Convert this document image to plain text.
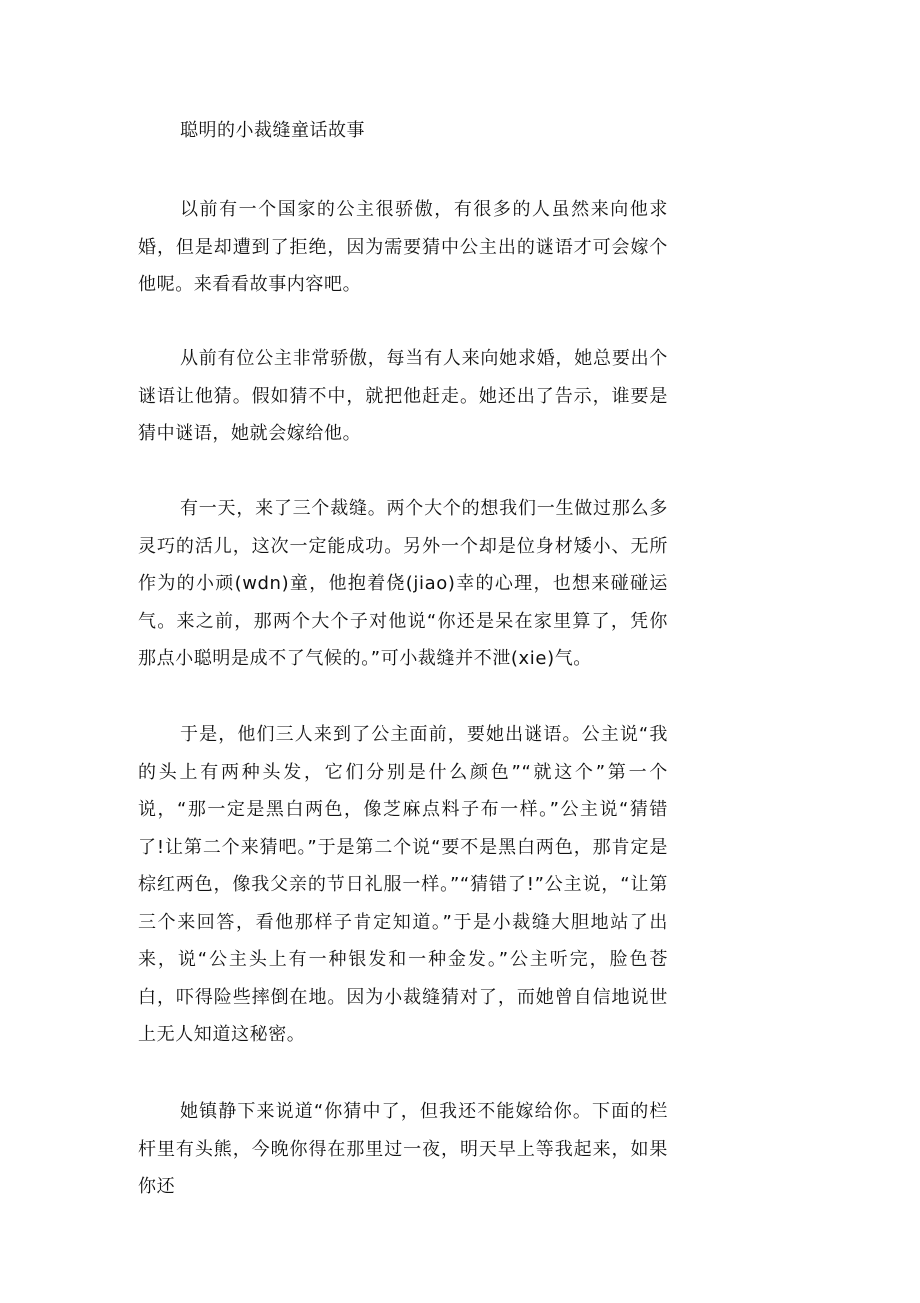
聪明的小裁缝童话故事

以前有一个国家的公主很骄傲，有很多的人虽然来向他求婚，但是却遭到了拒绝，因为需要猜中公主出的谜语才可会嫁个他呢。来看看故事内容吧。

从前有位公主非常骄傲，每当有人来向她求婚，她总要出个谜语让他猜。假如猜不中，就把他赶走。她还出了告示，谁要是猜中谜语，她就会嫁给他。

有一天，来了三个裁缝。两个大个的想我们一生做过那么多灵巧的活儿，这次一定能成功。另外一个却是位身材矮小、无所作为的小顽(wdn)童，他抱着侥(jiao)幸的心理，也想来碰碰运气。来之前，那两个大个子对他说“你还是呆在家里算了，凭你那点小聪明是成不了气候的。”可小裁缝并不泄(xie)气。

于是，他们三人来到了公主面前，要她出谜语。公主说“我的头上有两种头发，它们分别是什么颜色”“就这个”第一个说，“那一定是黑白两色，像芝麻点料子布一样。”公主说“猜错了!让第二个来猜吧。”于是第二个说“要不是黑白两色，那肯定是棕红两色，像我父亲的节日礼服一样。”“猜错了!”公主说，“让第三个来回答，看他那样子肯定知道。”于是小裁缝大胆地站了出来，说“公主头上有一种银发和一种金发。”公主听完，脸色苍白，吓得险些摔倒在地。因为小裁缝猜对了，而她曾自信地说世上无人知道这秘密。

她镇静下来说道“你猜中了，但我还不能嫁给你。下面的栏杆里有头熊，今晚你得在那里过一夜，明天早上等我起来，如果你还
